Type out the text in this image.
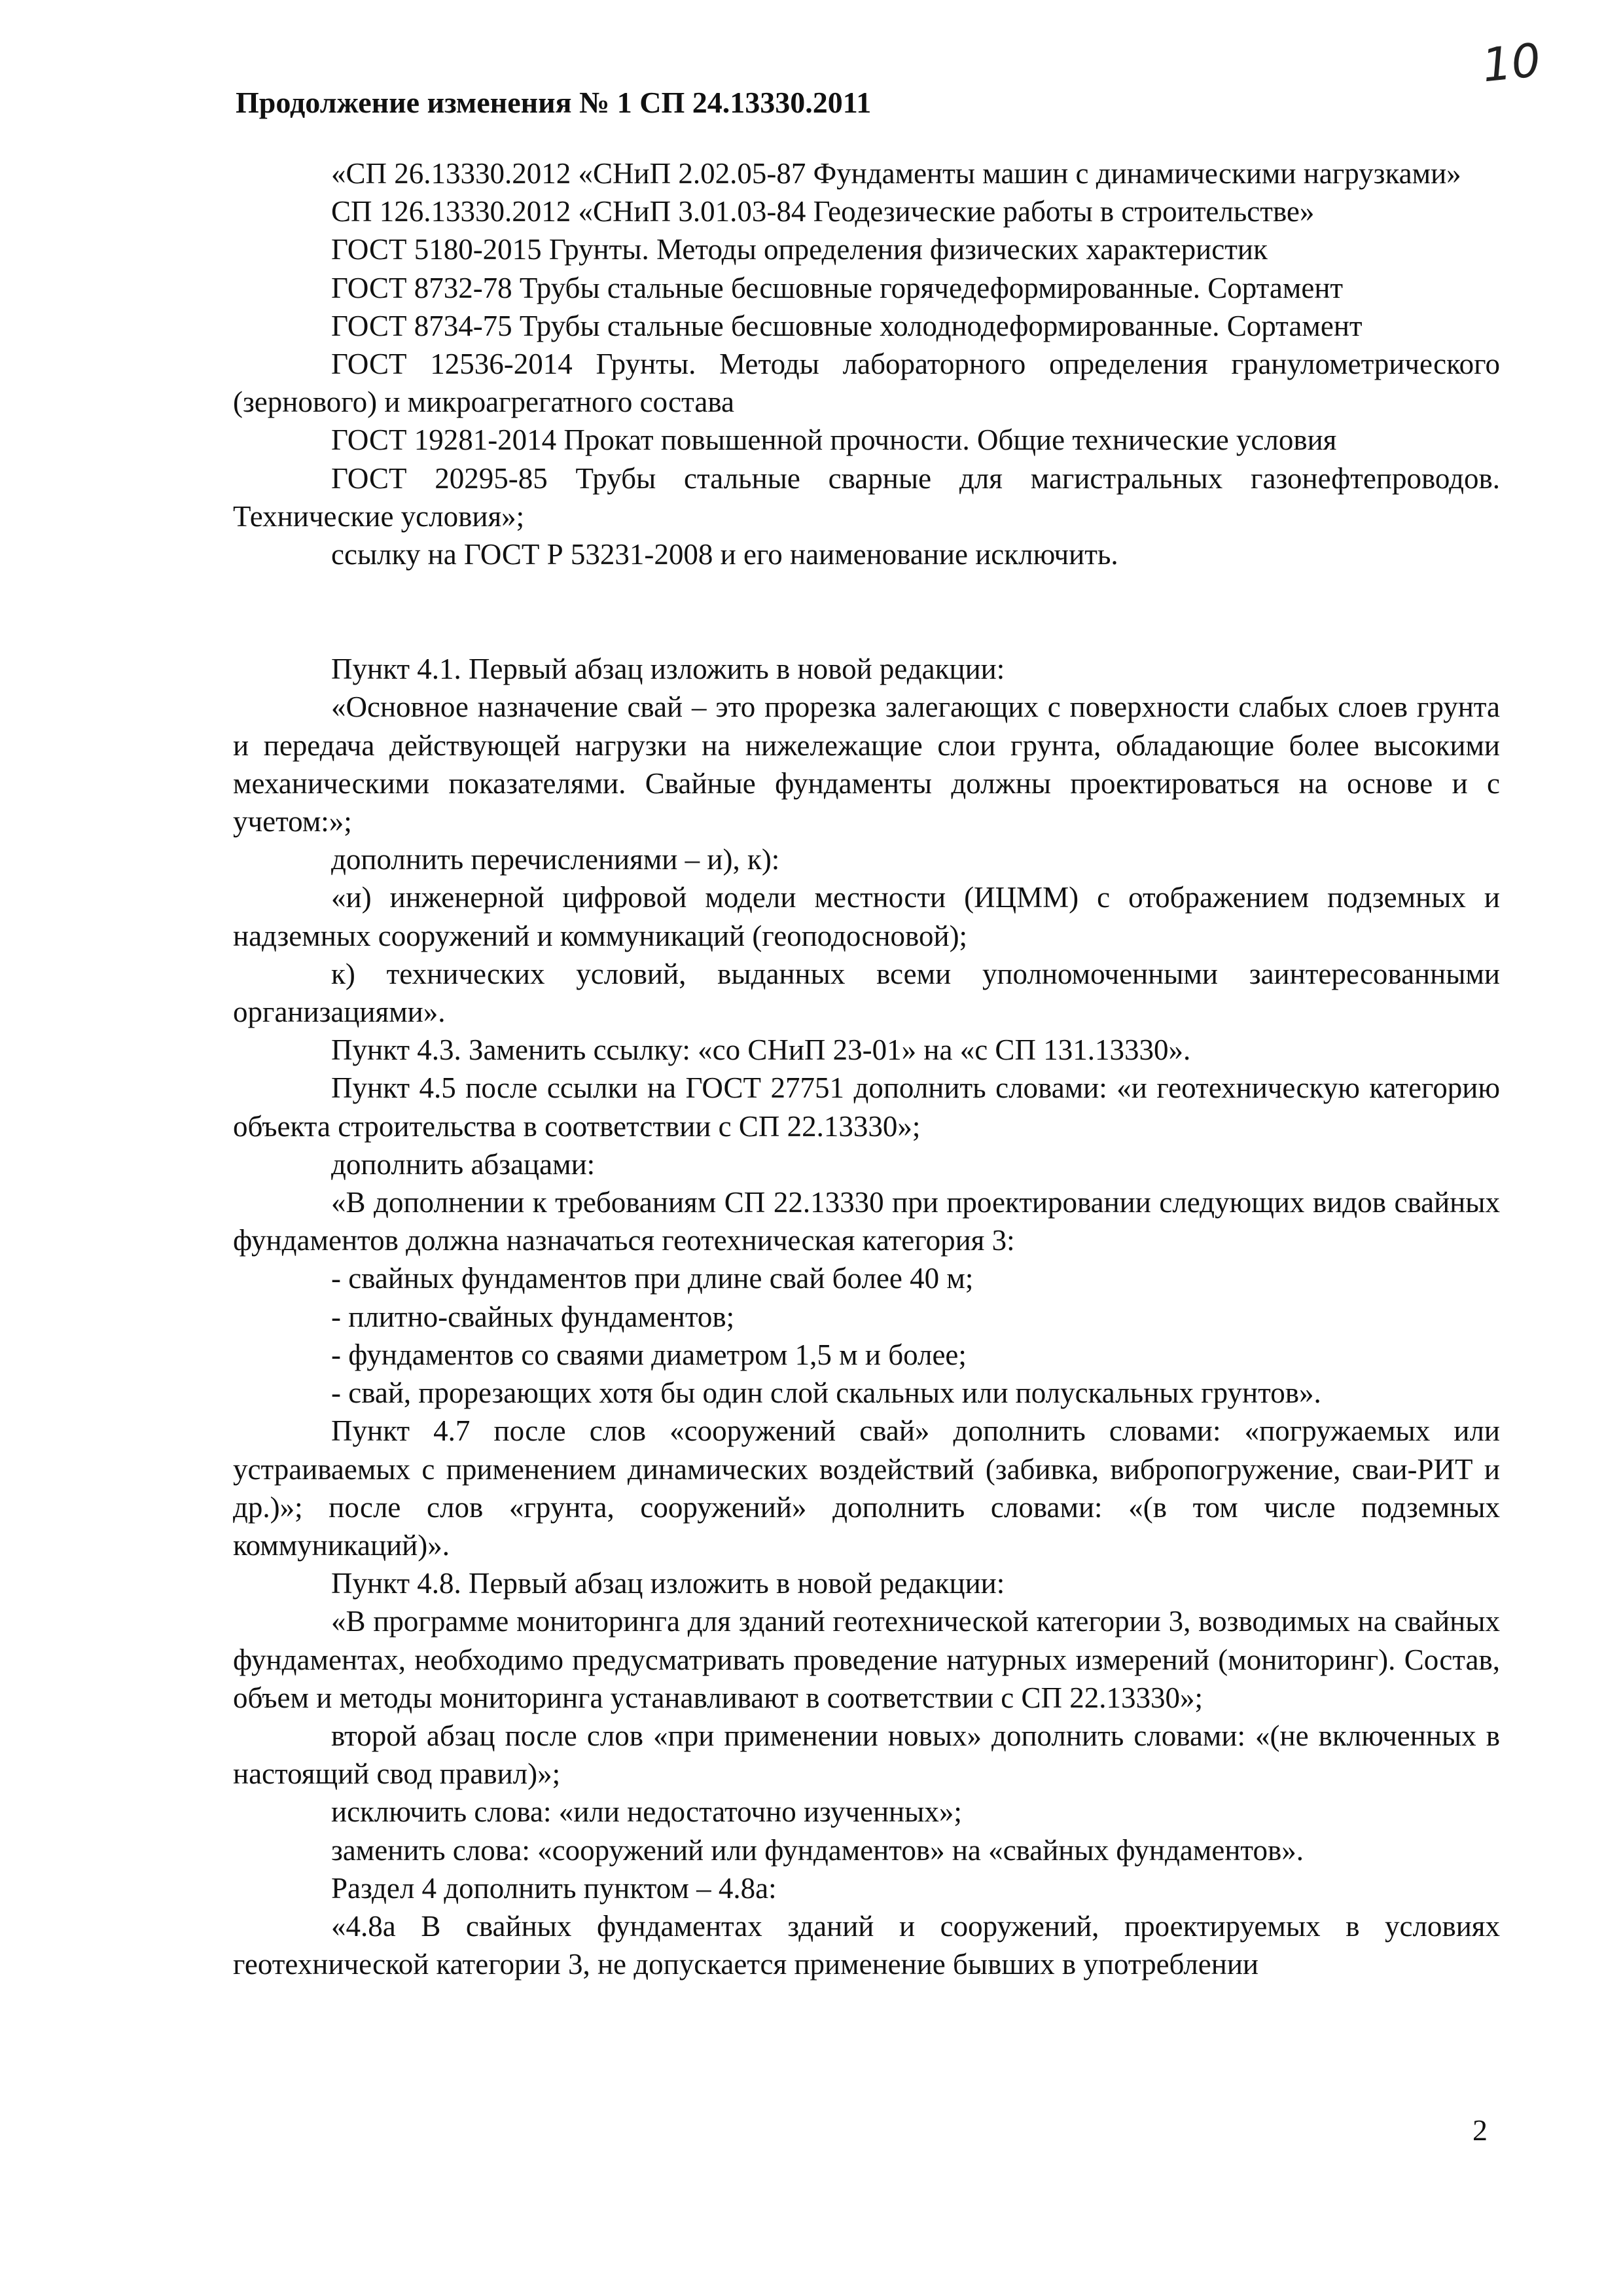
10
Продолжение изменения № 1 СП 24.13330.2011

«СП 26.13330.2012 «СНиП 2.02.05-87 Фундаменты машин с динамическими нагрузками»

СП 126.13330.2012 «СНиП 3.01.03-84 Геодезические работы в строительстве»

ГОСТ 5180-2015 Грунты. Методы определения физических характеристик

ГОСТ 8732-78 Трубы стальные бесшовные горячедеформированные. Сортамент

ГОСТ 8734-75 Трубы стальные бесшовные холоднодеформированные. Сортамент

ГОСТ 12536-2014 Грунты. Методы лабораторного определения гранулометрического (зернового) и микроагрегатного состава

ГОСТ 19281-2014 Прокат повышенной прочности. Общие технические условия

ГОСТ 20295-85 Трубы стальные сварные для магистральных газонефтепроводов. Технические условия»;

ссылку на ГОСТ Р 53231-2008 и его наименование исключить.

Пункт 4.1. Первый абзац изложить в новой редакции:

«Основное назначение свай – это прорезка залегающих с поверхности слабых слоев грунта и передача действующей нагрузки на нижележащие слои грунта, обладающие более высокими механическими показателями. Свайные фундаменты должны проектироваться на основе и с учетом:»;

дополнить перечислениями – и), к):

«и) инженерной цифровой модели местности (ИЦММ) с отображением подземных и надземных сооружений и коммуникаций (геоподосновой);

к) технических условий, выданных всеми уполномоченными заинтересованными организациями».

Пункт 4.3. Заменить ссылку: «со СНиП 23-01» на «с СП 131.13330».

Пункт 4.5 после ссылки на ГОСТ 27751 дополнить словами: «и геотехническую категорию объекта строительства в соответствии с СП 22.13330»;

дополнить абзацами:

«В дополнении к требованиям СП 22.13330 при проектировании следующих видов свайных фундаментов должна назначаться геотехническая категория 3:

- свайных фундаментов при длине свай более 40 м;

- плитно-свайных фундаментов;

- фундаментов со сваями диаметром 1,5 м и более;

- свай, прорезающих хотя бы один слой скальных или полускальных грунтов».

Пункт 4.7 после слов «сооружений свай» дополнить словами: «погружаемых или устраиваемых с применением динамических воздействий (забивка, вибропогружение, сваи-РИТ и др.)»; после слов «грунта, сооружений» дополнить словами: «(в том числе подземных коммуникаций)».

Пункт 4.8. Первый абзац изложить в новой редакции:

«В программе мониторинга для зданий геотехнической категории 3, возводимых на свайных фундаментах, необходимо предусматривать проведение натурных измерений (мониторинг). Состав, объем и методы мониторинга устанавливают в соответствии с СП 22.13330»;

второй абзац после слов «при применении новых» дополнить словами: «(не включенных в настоящий свод правил)»;

исключить слова: «или недостаточно изученных»;

заменить слова: «сооружений или фундаментов» на «свайных фундаментов».

Раздел 4 дополнить пунктом – 4.8а:

«4.8а В свайных фундаментах зданий и сооружений, проектируемых в условиях геотехнической категории 3, не допускается применение бывших в употреблении

2
